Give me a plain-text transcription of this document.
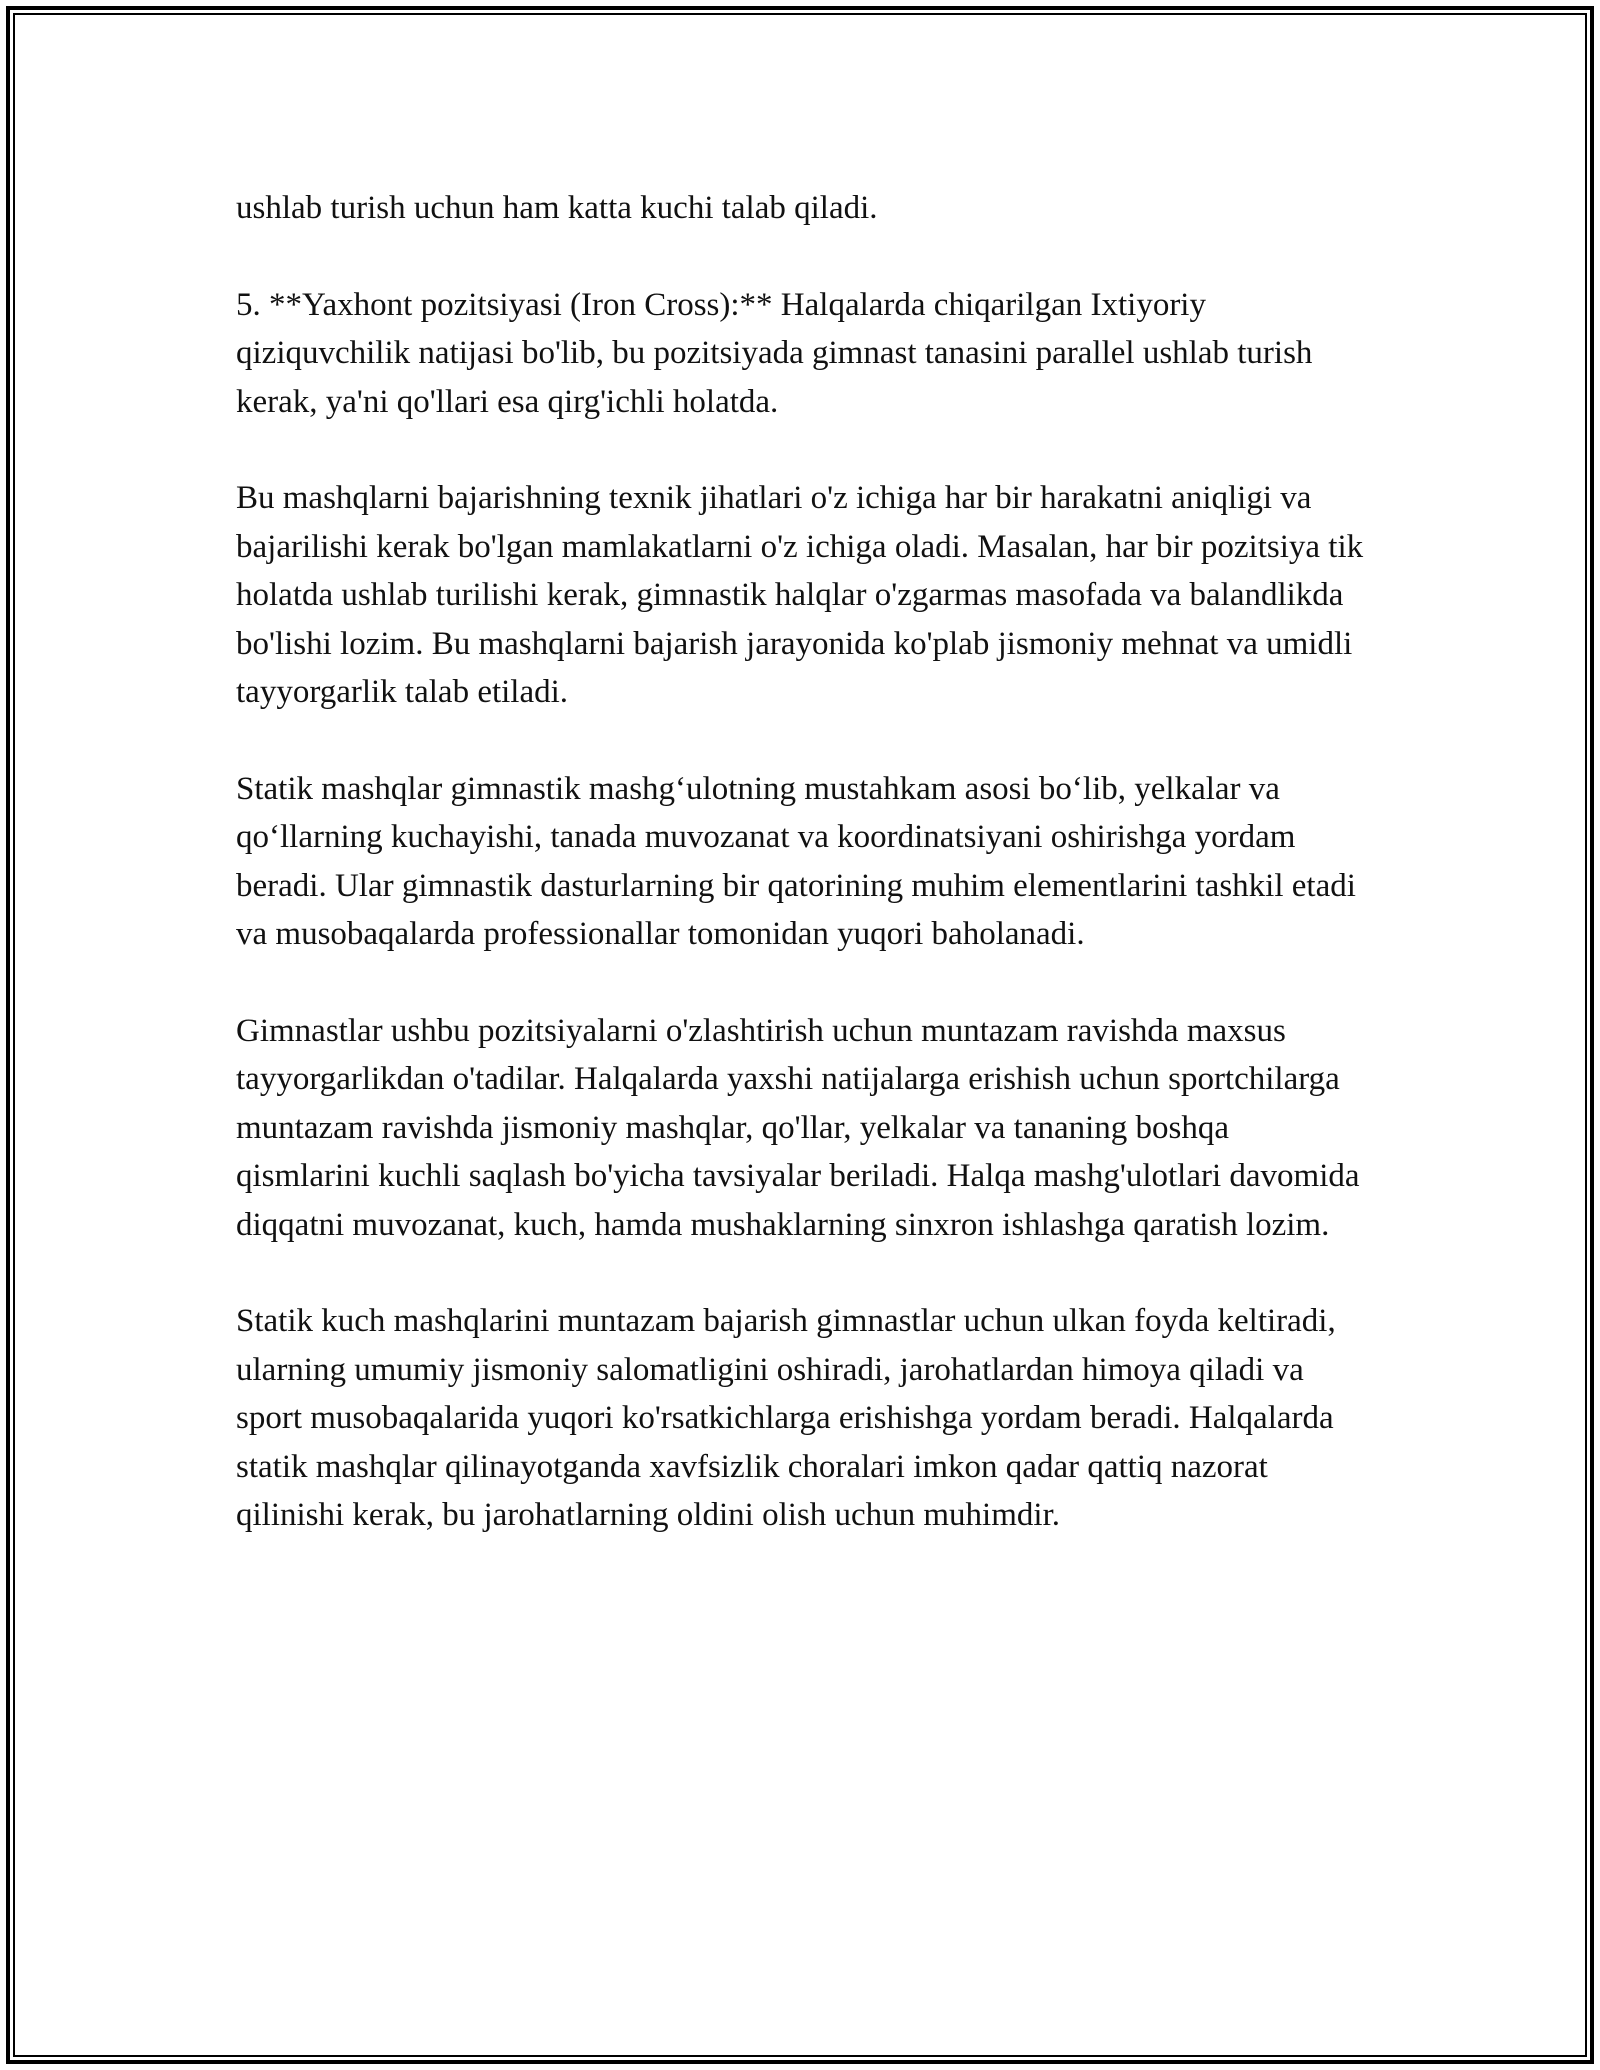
ushlab turish uchun ham katta kuchi talab qiladi.

5. **Yaxhont pozitsiyasi (Iron Cross):** Halqalarda chiqarilgan Ixtiyoriy qiziquvchilik natijasi bo'lib, bu pozitsiyada gimnast tanasini parallel ushlab turish kerak, ya'ni qo'llari esa qirg'ichli holatda.

Bu mashqlarni bajarishning texnik jihatlari o'z ichiga har bir harakatni aniqligi va bajarilishi kerak bo'lgan mamlakatlarni o'z ichiga oladi. Masalan, har bir pozitsiya tik holatda ushlab turilishi kerak, gimnastik halqlar o'zgarmas masofada va balandlikda bo'lishi lozim. Bu mashqlarni bajarish jarayonida ko'plab jismoniy mehnat va umidli tayyorgarlik talab etiladi.

Statik mashqlar gimnastik mashg‘ulotning mustahkam asosi bo‘lib, yelkalar va qo‘llarning kuchayishi, tanada muvozanat va koordinatsiyani oshirishga yordam beradi. Ular gimnastik dasturlarning bir qatorining muhim elementlarini tashkil etadi va musobaqalarda professionallar tomonidan yuqori baholanadi.

Gimnastlar ushbu pozitsiyalarni o'zlashtirish uchun muntazam ravishda maxsus tayyorgarlikdan o'tadilar. Halqalarda yaxshi natijalarga erishish uchun sportchilarga muntazam ravishda jismoniy mashqlar, qo'llar, yelkalar va tananing boshqa qismlarini kuchli saqlash bo'yicha tavsiyalar beriladi. Halqa mashg'ulotlari davomida diqqatni muvozanat, kuch, hamda mushaklarning sinxron ishlashga qaratish lozim.

Statik kuch mashqlarini muntazam bajarish gimnastlar uchun ulkan foyda keltiradi, ularning umumiy jismoniy salomatligini oshiradi, jarohatlardan himoya qiladi va sport musobaqalarida yuqori ko'rsatkichlarga erishishga yordam beradi. Halqalarda statik mashqlar qilinayotganda xavfsizlik choralari imkon qadar qattiq nazorat qilinishi kerak, bu jarohatlarning oldini olish uchun muhimdir.
